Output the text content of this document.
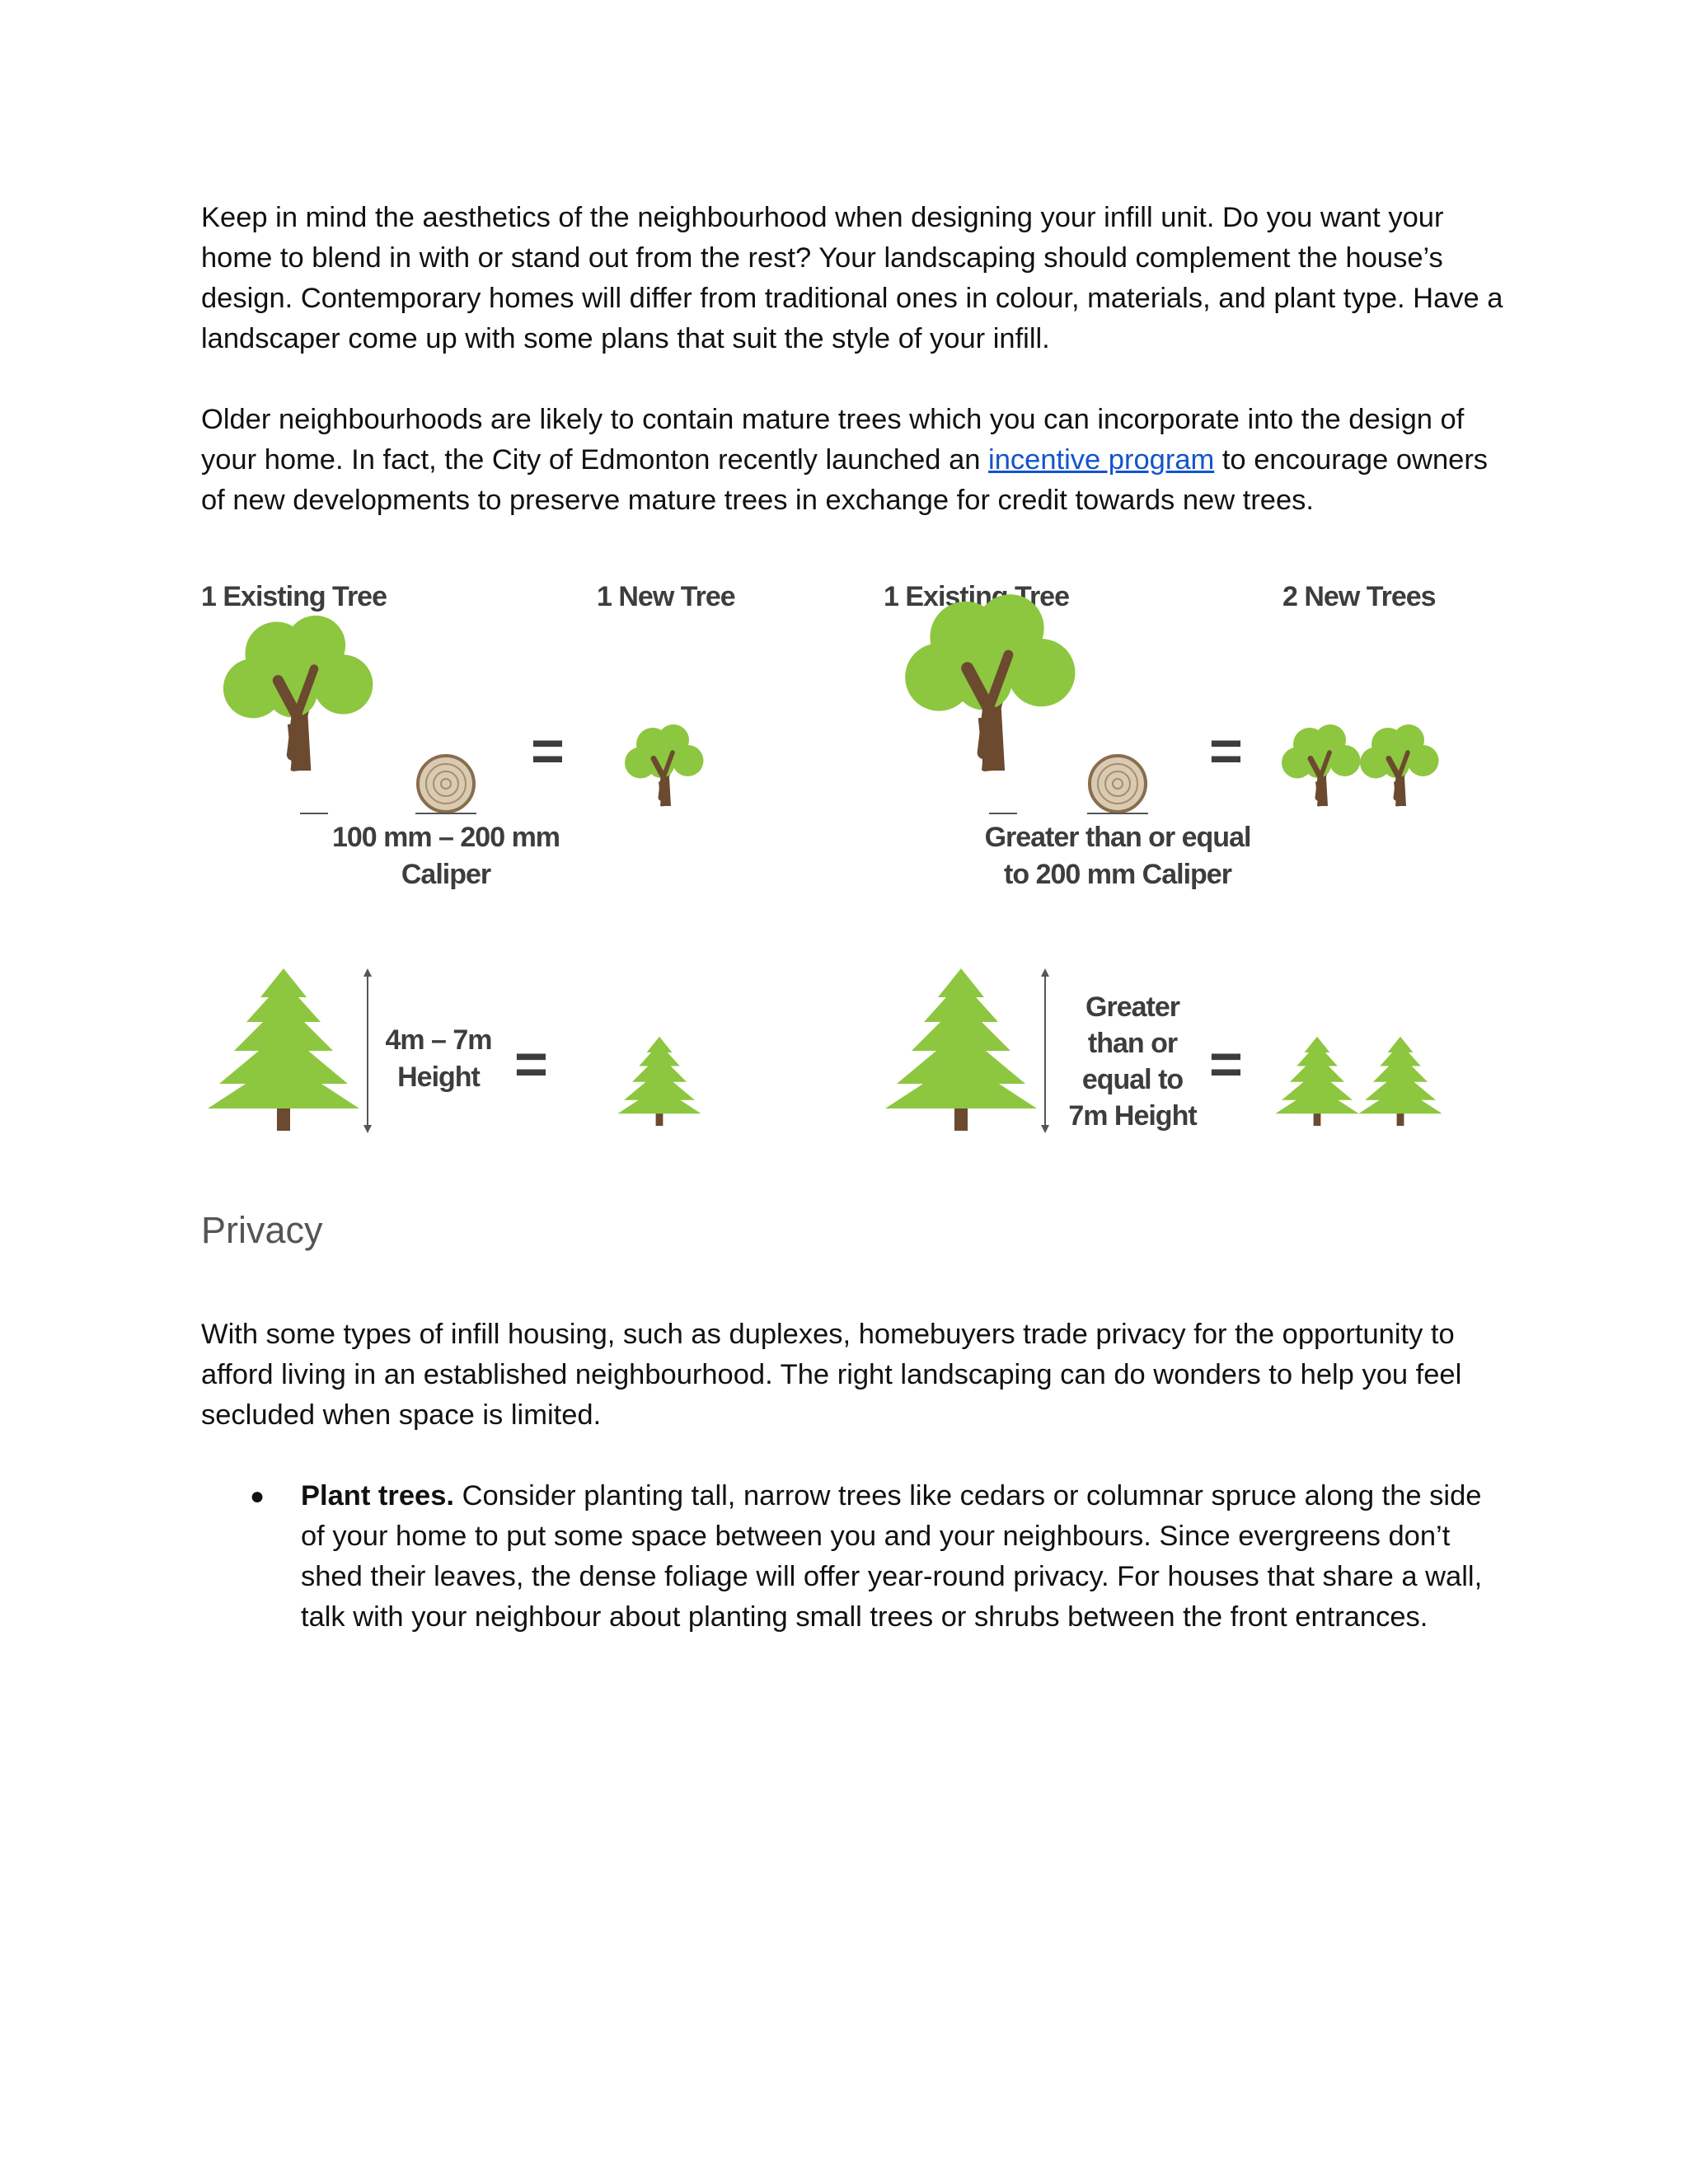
Keep in mind the aesthetics of the neighbourhood when designing your infill unit. Do you want your home to blend in with or stand out from the rest? Your landscaping should complement the house’s design. Contemporary homes will differ from traditional ones in colour, materials, and plant type. Have a landscaper come up with some plans that suit the style of your infill.

Older neighbourhoods are likely to contain mature trees which you can incorporate into the design of your home. In fact, the City of Edmonton recently launched an incentive program to encourage owners of new developments to preserve mature trees in exchange for credit towards new trees.

1 Existing Tree	1 New Tree	1 Existing Tree	2 New Trees
=
100 mm – 200 mm
Caliper
=
Greater than or equal
to 200 mm Caliper
4m – 7m
Height =
Greater
than or
equal to
7m Height
=
Privacy

With some types of infill housing, such as duplexes, homebuyers trade privacy for the opportunity to afford living in an established neighbourhood. The right landscaping can do wonders to help you feel secluded when space is limited.

● Plant trees. Consider planting tall, narrow trees like cedars or columnar spruce along the side of your home to put some space between you and your neighbours. Since evergreens don’t shed their leaves, the dense foliage will offer year-round privacy. For houses that share a wall, talk with your neighbour about planting small trees or shrubs between the front entrances.
